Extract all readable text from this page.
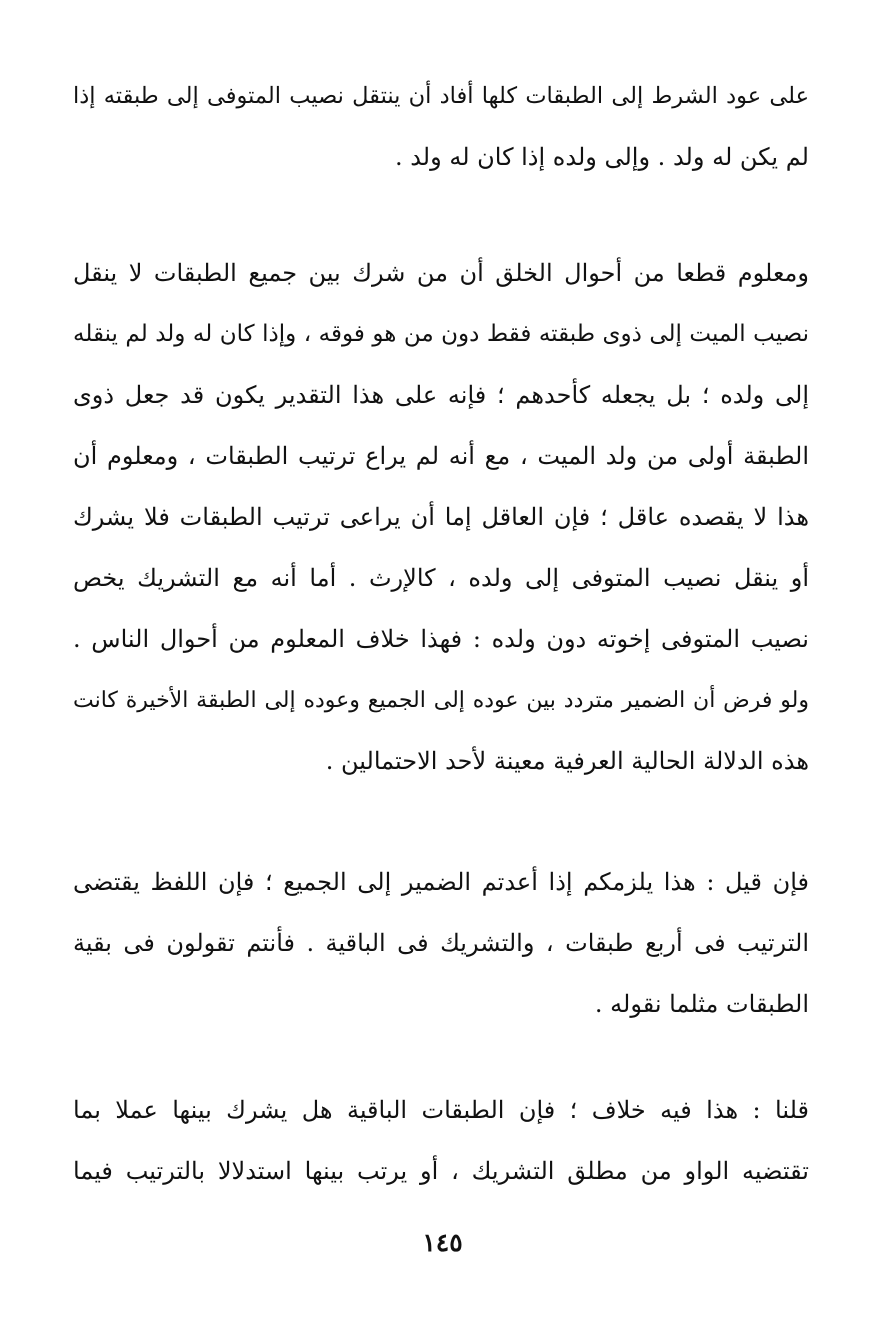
على عود الشرط إلى الطبقات كلها أفاد أن ينتقل نصيب المتوفى إلى طبقته إذا
لم يكن له ولد . وإلى ولده إذا كان له ولد .
ومعلوم قطعا من أحوال الخلق أن من شرك بين جميع الطبقات لا ينقل
نصيب الميت إلى ذوى طبقته فقط دون من هو فوقه ، وإذا كان له ولد لم ينقله
إلى ولده ؛ بل يجعله كأحدهم ؛ فإنه على هذا التقدير يكون قد جعل ذوى
الطبقة أولى من ولد الميت ، مع أنه لم يراع ترتيب الطبقات ، ومعلوم أن
هذا لا يقصده عاقل ؛ فإن العاقل إما أن يراعى ترتيب الطبقات فلا يشرك
أو ينقل نصيب المتوفى إلى ولده ، كالإرث . أما أنه مع التشريك يخص
نصيب المتوفى إخوته دون ولده : فهذا خلاف المعلوم من أحوال الناس .
ولو فرض أن الضمير متردد بين عوده إلى الجميع وعوده إلى الطبقة الأخيرة كانت
هذه الدلالة الحالية العرفية معينة لأحد الاحتمالين .
فإن قيل : هذا يلزمكم إذا أعدتم الضمير إلى الجميع ؛ فإن اللفظ يقتضى
الترتيب فى أربع طبقات ، والتشريك فى الباقية . فأنتم تقولون فى بقية
الطبقات مثلما نقوله .
قلنا : هذا فيه خلاف ؛ فإن الطبقات الباقية هل يشرك بينها عملا بما
تقتضيه الواو من مطلق التشريك ، أو يرتب بينها استدلالا بالترتيب فيما
١٤٥
